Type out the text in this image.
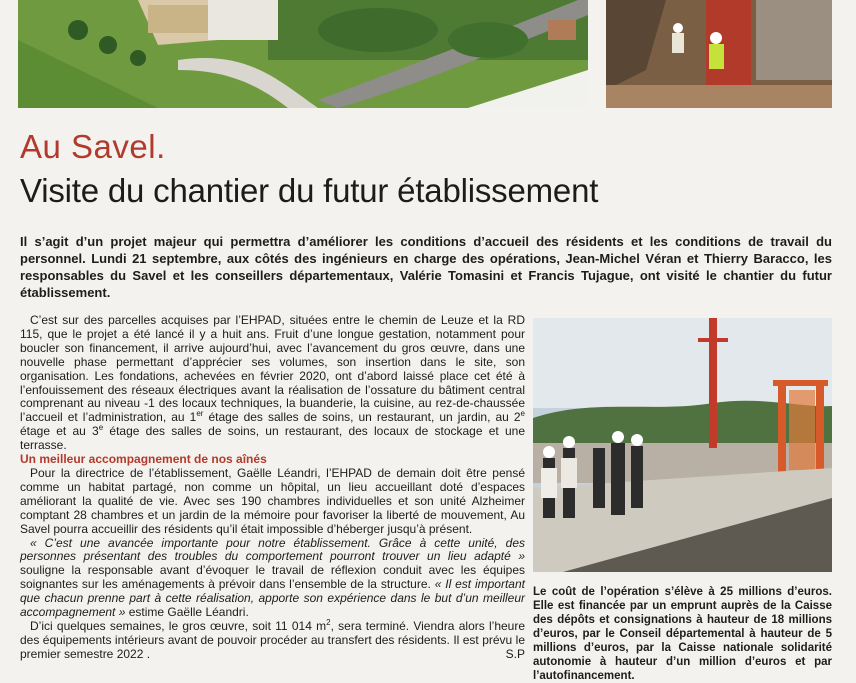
Au Savel.
Visite du chantier du futur établissement
Il s’agit d’un projet majeur qui permettra d’améliorer les conditions d’accueil des résidents et les conditions de travail du personnel. Lundi 21 septembre, aux côtés des ingénieurs en charge des opérations, Jean-Michel Véran et Thierry Baracco, les responsables du Savel et les conseillers départementaux, Valérie Tomasini et Francis Tujague, ont visité le chantier du futur établissement.

C’est sur des parcelles acquises par l’EHPAD, situées entre le chemin de Leuze et la RD 115, que le projet a été lancé il y a huit ans. Fruit d’une longue gestation, notamment pour boucler son financement, il arrive aujourd’hui, avec l’avancement du gros œuvre, dans une nouvelle phase permettant d’apprécier ses volumes, son insertion dans le site, son organisation. Les fondations, achevées en février 2020, ont d’abord laissé place cet été à l’enfouissement des réseaux électriques avant la réalisation de l’ossature du bâtiment central comprenant au niveau -1 des locaux techniques, la buanderie, la cuisine, au rez-de-chaussée l’accueil et l’administration, au 1er étage des salles de soins, un restaurant, un jardin, au 2e étage et au 3e étage des salles de soins, un restaurant, des locaux de stockage et une terrasse.

Un meilleur accompagnement de nos aînés

Pour la directrice de l’établissement, Gaëlle Léandri, l’EHPAD de demain doit être pensé comme un habitat partagé, non comme un hôpital, un lieu accueillant doté d’espaces améliorant la qualité de vie. Avec ses 190 chambres individuelles et son unité Alzheimer comptant 28 chambres et un jardin de la mémoire pour favoriser la liberté de mouvement, Au Savel pourra accueillir des résidents qu’il était impossible d’héberger jusqu’à présent.

« C’est une avancée importante pour notre établissement. Grâce à cette unité, des personnes présentant des troubles du comportement pourront trouver un lieu adapté » souligne la responsable avant d’évoquer le travail de réflexion conduit avec les équipes soignantes sur les aménagements à prévoir dans l’ensemble de la structure. « Il est important que chacun prenne part à cette réalisation, apporte son expérience dans le but d’un meilleur accompagnement » estime Gaëlle Léandri.

D’ici quelques semaines, le gros œuvre, soit 11 014 $m^2$, sera terminé. Viendra alors l’heure des équipements intérieurs avant de pouvoir procéder au transfert des résidents. Il est prévu le premier semestre 2022 .	S.P

Le coût de l’opération s’élève à 25 millions d’euros. Elle est financée par un emprunt auprès de la Caisse des dépôts et consignations à hauteur de 18 millions d’euros, par le Conseil départemental à hauteur de 5 millions d’euros, par la Caisse nationale solidarité autonomie à hauteur d’un million d’euros et par l’autofinancement.
